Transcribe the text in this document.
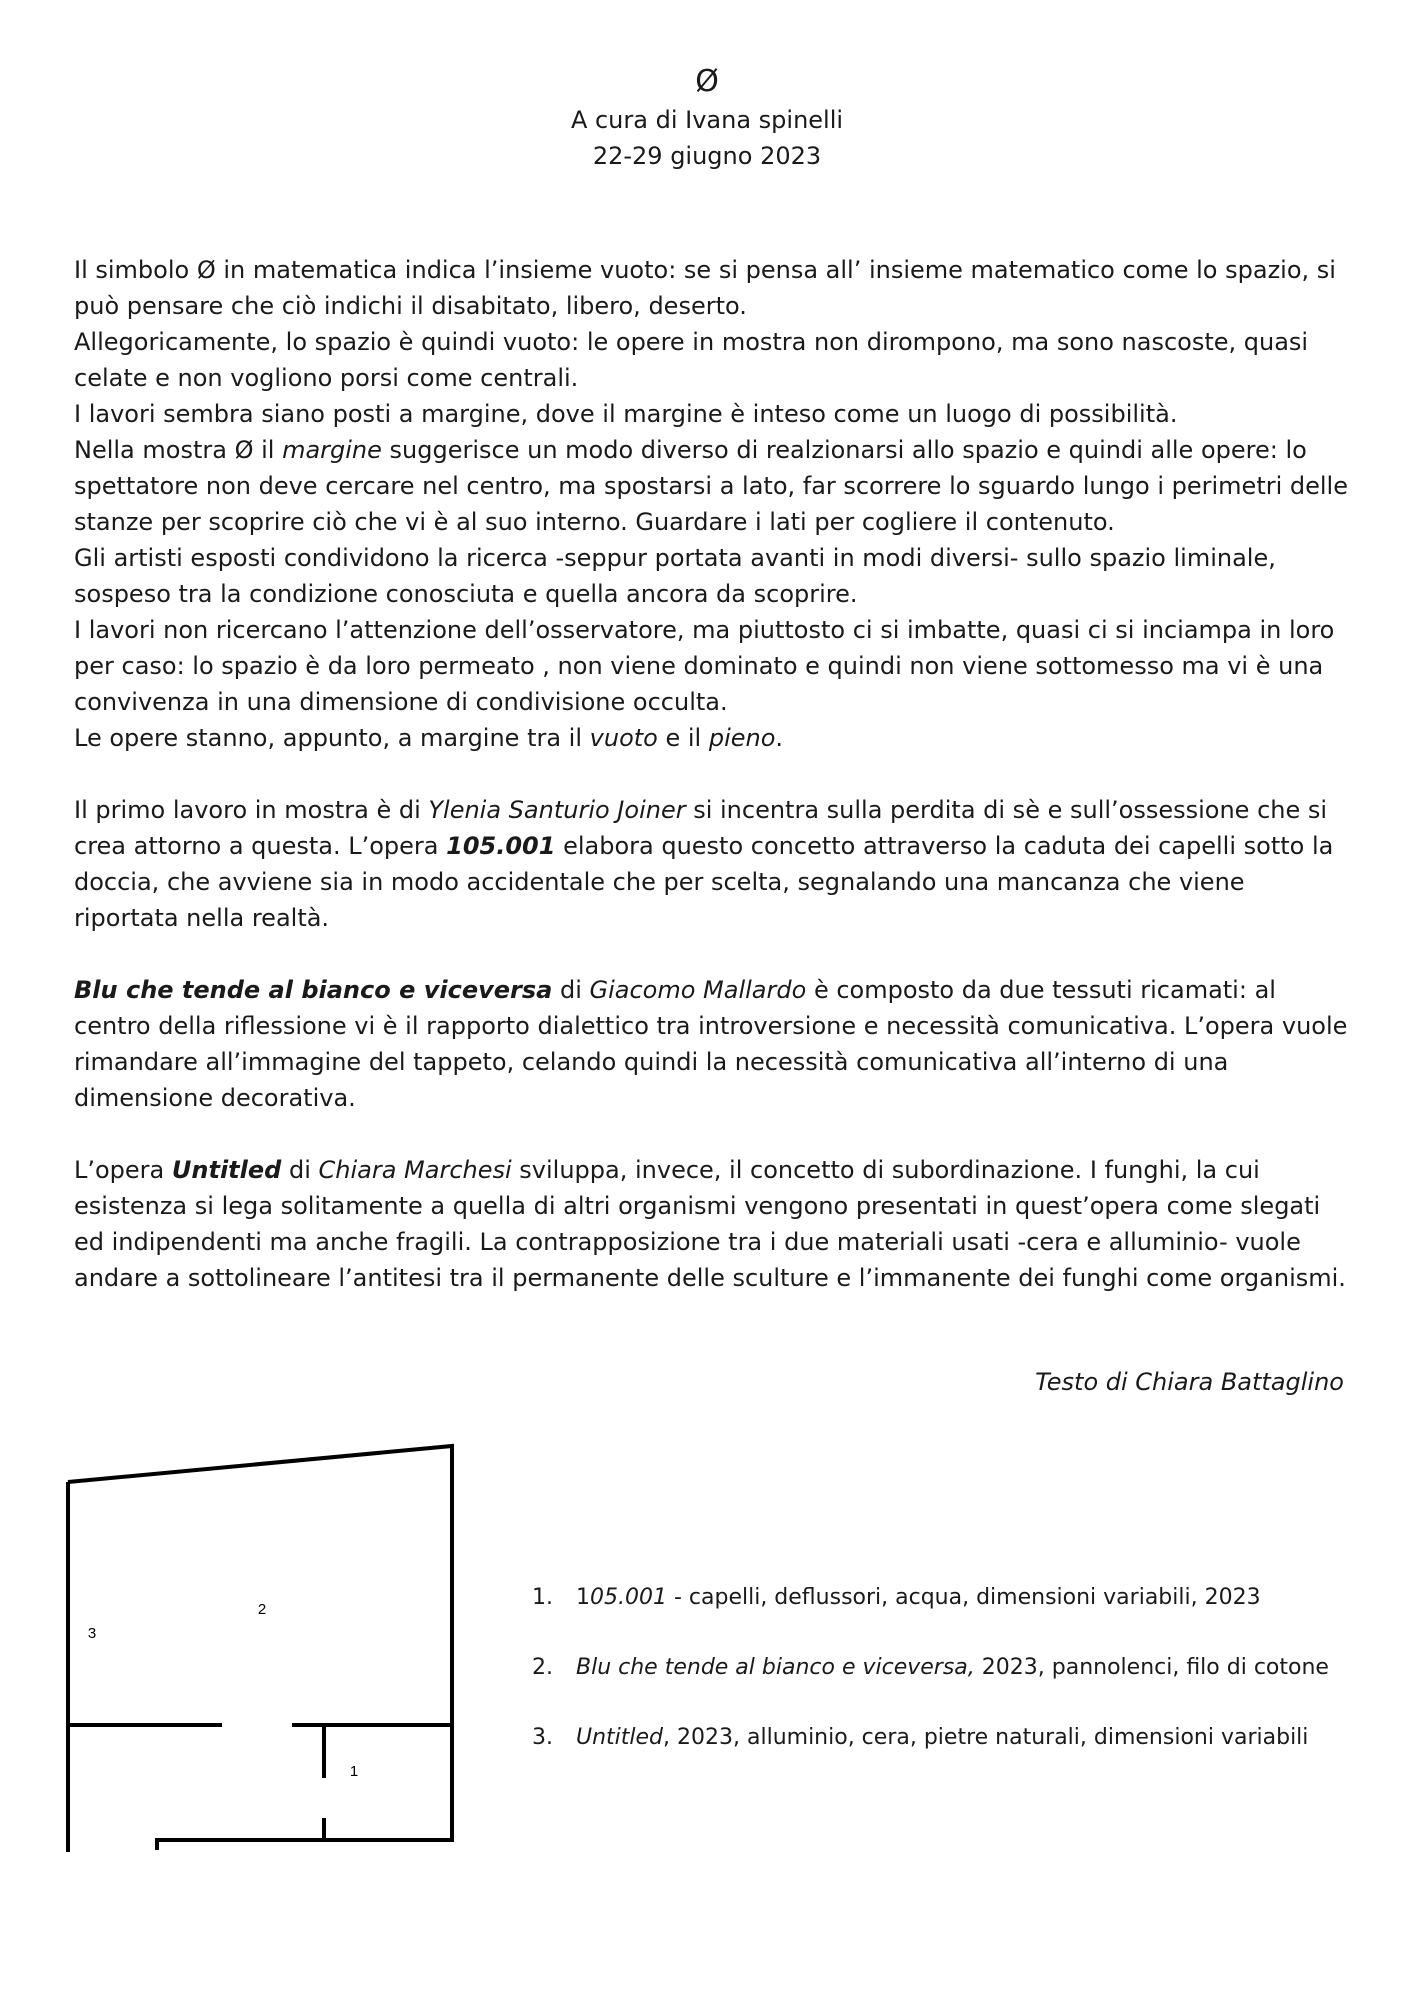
Ø
A cura di Ivana spinelli
22-29 giugno 2023

Il simbolo Ø in matematica indica l’insieme vuoto: se si pensa all’ insieme matematico come lo spazio, si può pensare che ciò indichi il disabitato, libero, deserto.

Allegoricamente, lo spazio è quindi vuoto: le opere in mostra non dirompono, ma sono nascoste, quasi celate e non vogliono porsi come centrali.

I lavori sembra siano posti a margine, dove il margine è inteso come un luogo di possibilità.

Nella mostra Ø il margine suggerisce un modo diverso di realzionarsi allo spazio e quindi alle opere: lo spettatore non deve cercare nel centro, ma spostarsi a lato, far scorrere lo sguardo lungo i perimetri delle stanze per scoprire ciò che vi è al suo interno. Guardare i lati per cogliere il contenuto.

Gli artisti esposti condividono la ricerca -seppur portata avanti in modi diversi- sullo spazio liminale, sospeso tra la condizione conosciuta e quella ancora da scoprire.

I lavori non ricercano l’attenzione dell’osservatore, ma piuttosto ci si imbatte, quasi ci si inciampa in loro per caso: lo spazio è da loro permeato , non viene dominato e quindi non viene sottomesso ma vi è una convivenza in una dimensione di condivisione occulta.

Le opere stanno, appunto, a margine tra il vuoto e il pieno.

Il primo lavoro in mostra è di Ylenia Santurio Joiner si incentra sulla perdita di sè e sull’ossessione che si crea attorno a questa. L’opera 105.001 elabora questo concetto attraverso la caduta dei capelli sotto la doccia, che avviene sia in modo accidentale che per scelta, segnalando una mancanza che viene riportata nella realtà.

Blu che tende al bianco e viceversa di Giacomo Mallardo è composto da due tessuti ricamati: al centro della riflessione vi è il rapporto dialettico tra introversione e necessità comunicativa. L’opera vuole rimandare all’immagine del tappeto, celando quindi la necessità comunicativa all’interno di una dimensione decorativa.

L’opera Untitled di Chiara Marchesi sviluppa, invece, il concetto di subordinazione. I funghi, la cui esistenza si lega solitamente a quella di altri organismi vengono presentati in quest’opera come slegati ed indipendenti ma anche fragili. La contrapposizione tra i due materiali usati -cera e alluminio- vuole andare a sottolineare l’antitesi tra il permanente delle sculture e l’immanente dei funghi come organismi.

Testo di Chiara Battaglino
2
3
1
1.	105.001 - capelli, deflussori, acqua, dimensioni variabili, 2023
2.	Blu che tende al bianco e viceversa, 2023, pannolenci, filo di cotone
3.	Untitled, 2023, alluminio, cera, pietre naturali, dimensioni variabili
